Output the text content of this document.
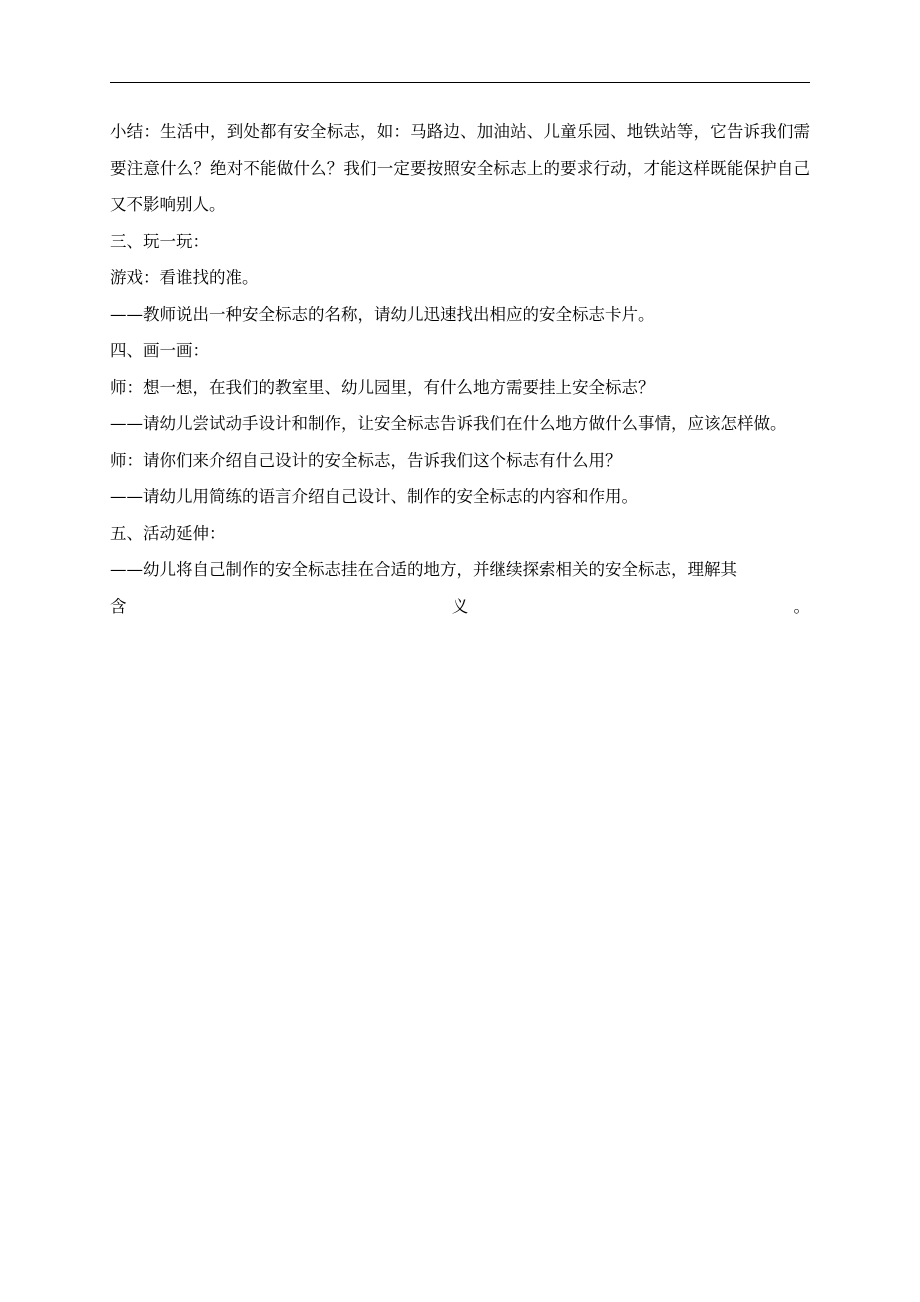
小结：生活中，到处都有安全标志，如：马路边、加油站、儿童乐园、地铁站等，它告诉我们需要注意什么？绝对不能做什么？我们一定要按照安全标志上的要求行动，才能这样既能保护自己又不影响别人。

三、玩一玩：

游戏：看谁找的准。

——教师说出一种安全标志的名称，请幼儿迅速找出相应的安全标志卡片。

四、画一画：

师：想一想，在我们的教室里、幼儿园里，有什么地方需要挂上安全标志？

——请幼儿尝试动手设计和制作，让安全标志告诉我们在什么地方做什么事情，应该怎样做。

师：请你们来介绍自己设计的安全标志，告诉我们这个标志有什么用？

——请幼儿用简练的语言介绍自己设计、制作的安全标志的内容和作用。

五、活动延伸：

——幼儿将自己制作的安全标志挂在合适的地方，并继续探索相关的安全标志，理解其
含	义	。
